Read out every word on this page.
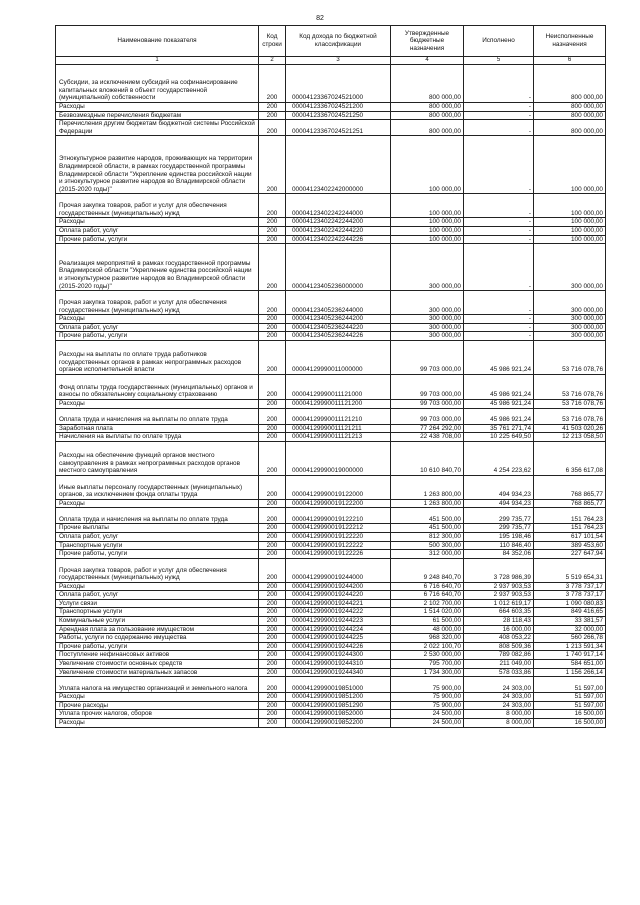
82
Наименование показателя	Код строки	Код дохода по бюджетной классификации	Утвержденные бюджетные назначения	Исполнено	Неисполненные назначения
1	2	3	4	5	6
Субсидии, за исключением субсидий на софинансирование капитальных вложений в объект государственной (муниципальной) собственности	200	00004123367024521000	800 000,00	-	800 000,00
Расходы	200	00004123367024521200	800 000,00	-	800 000,00
Безвозмездные перечисления бюджетам	200	00004123367024521250	800 000,00	-	800 000,00
Перечисления другим бюджетам бюджетной системы Российской Федерации	200	00004123367024521251	800 000,00	-	800 000,00
Этнокультурное развитие народов, проживающих на территории Владимирской области, в рамках государственной программы Владимирской области "Укрепление единства российской нации и этнокультурное развитие народов во Владимирской области (2015-2020 годы)"	200	00004123402242000000	100 000,00	-	100 000,00
Прочая закупка товаров, работ и услуг для обеспечения государственных (муниципальных) нужд	200	00004123402242244000	100 000,00	-	100 000,00
Расходы	200	00004123402242244200	100 000,00	-	100 000,00
Оплата работ, услуг	200	00004123402242244220	100 000,00	-	100 000,00
Прочие работы, услуги	200	00004123402242244226	100 000,00	-	100 000,00
Реализация мероприятий в рамках государственной программы Владимирской области "Укрепление единства российской нации и этнокультурное развитие народов во Владимирской области (2015-2020 годы)"	200	00004123405236000000	300 000,00	-	300 000,00
Прочая закупка товаров, работ и услуг для обеспечения государственных (муниципальных) нужд	200	00004123405236244000	300 000,00	-	300 000,00
Расходы	200	00004123405236244200	300 000,00	-	300 000,00
Оплата работ, услуг	200	00004123405236244220	300 000,00	-	300 000,00
Прочие работы, услуги	200	00004123405236244226	300 000,00	-	300 000,00
Расходы на выплаты по оплате труда работников государственных органов в рамках непрограммных расходов органов исполнительной власти	200	00004129990011000000	99 703 000,00	45 986 921,24	53 716 078,76
Фонд оплаты труда государственных (муниципальных) органов и взносы по обязательному социальному страхованию	200	00004129990011121000	99 703 000,00	45 986 921,24	53 716 078,76
Расходы	200	00004129990011121200	99 703 000,00	45 986 921,24	53 716 078,76
Оплата труда и начисления на выплаты по оплате труда	200	00004129990011121210	99 703 000,00	45 986 921,24	53 716 078,76
Заработная плата	200	00004129990011121211	77 264 292,00	35 761 271,74	41 503 020,26
Начисления на выплаты по оплате труда	200	00004129990011121213	22 438 708,00	10 225 649,50	12 213 058,50
Расходы на обеспечение функций органов местного самоуправления в рамках непрограммных расходов органов местного самоуправления	200	00004129990019000000	10 610 840,70	4 254 223,62	6 356 617,08
Иные выплаты персоналу государственных (муниципальных) органов, за исключением фонда оплаты труда	200	00004129990019122000	1 263 800,00	494 934,23	768 865,77
Расходы	200	00004129990019122200	1 263 800,00	494 934,23	768 865,77
Оплата труда и начисления на выплаты по оплате труда	200	00004129990019122210	451 500,00	299 735,77	151 764,23
Прочие выплаты	200	00004129990019122212	451 500,00	299 735,77	151 764,23
Оплата работ, услуг	200	00004129990019122220	812 300,00	195 198,46	617 101,54
Транспортные услуги	200	00004129990019122222	500 300,00	110 846,40	389 453,60
Прочие работы, услуги	200	00004129990019122226	312 000,00	84 352,06	227 647,94
Прочая закупка товаров, работ и услуг для обеспечения государственных (муниципальных) нужд	200	00004129990019244000	9 248 840,70	3 728 986,39	5 519 654,31
Расходы	200	00004129990019244200	6 716 640,70	2 937 903,53	3 778 737,17
Оплата работ, услуг	200	00004129990019244220	6 716 640,70	2 937 903,53	3 778 737,17
Услуги связи	200	00004129990019244221	2 102 700,00	1 012 619,17	1 090 080,83
Транспортные услуги	200	00004129990019244222	1 514 020,00	664 603,35	849 416,65
Коммунальные услуги	200	00004129990019244223	61 500,00	28 118,43	33 381,57
Арендная плата за пользование имуществом	200	00004129990019244224	48 000,00	16 000,00	32 000,00
Работы, услуги по содержанию имущества	200	00004129990019244225	968 320,00	408 053,22	560 266,78
Прочие работы, услуги	200	00004129990019244226	2 022 100,70	808 509,36	1 213 591,34
Поступление нефинансовых активов	200	00004129990019244300	2 530 000,00	789 082,86	1 740 917,14
Увеличение стоимости основных средств	200	00004129990019244310	795 700,00	211 049,00	584 651,00
Увеличение стоимости материальных запасов	200	00004129990019244340	1 734 300,00	578 033,86	1 156 266,14
Уплата налога на имущество организаций и земельного налога	200	00004129990019851000	75 900,00	24 303,00	51 597,00
Расходы	200	00004129990019851200	75 900,00	24 303,00	51 597,00
Прочие расходы	200	00004129990019851290	75 900,00	24 303,00	51 597,00
Уплата прочих налогов, сборов	200	00004129990019852000	24 500,00	8 000,00	16 500,00
Расходы	200	00004129990019852200	24 500,00	8 000,00	16 500,00
